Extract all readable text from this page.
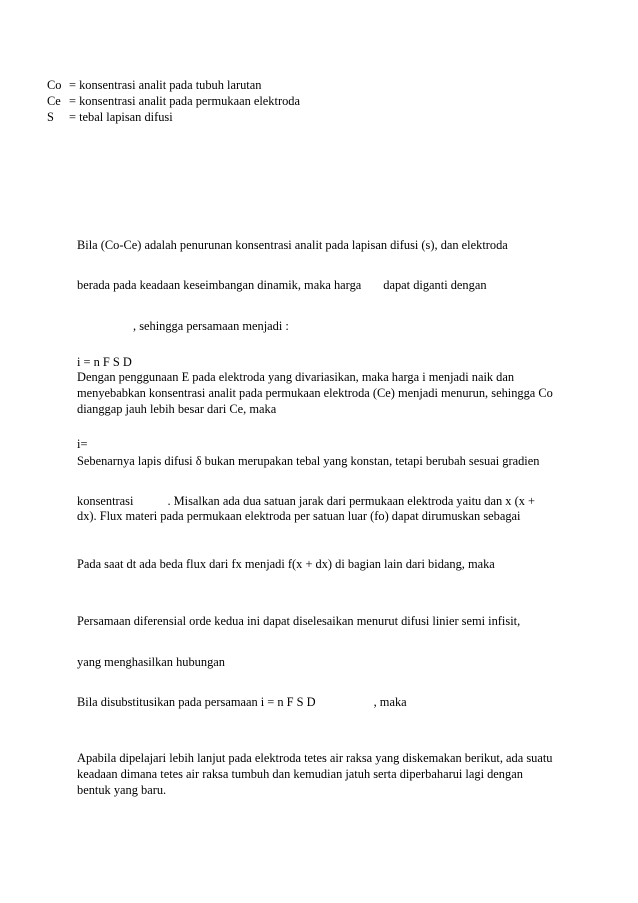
Co = konsentrasi analit pada tubuh larutan
Ce = konsentrasi analit pada permukaan elektroda
S = tebal lapisan difusi
Bila (Co-Ce) adalah penurunan konsentrasi analit pada lapisan difusi (s), dan elektroda
berada pada keadaan keseimbangan dinamik, maka harga dapat diganti dengan
, sehingga persamaan menjadi :
i = n F S D
Dengan penggunaan E pada elektroda yang divariasikan, maka harga i menjadi naik dan menyebabkan konsentrasi analit pada permukaan elektroda (Ce) menjadi menurun, sehingga Co dianggap jauh lebih besar dari Ce, maka
i=
Sebenarnya lapis difusi δ bukan merupakan tebal yang konstan, tetapi berubah sesuai gradien
konsentrasi	. Misalkan ada dua satuan jarak dari permukaan elektroda yaitu dan x (x +
dx). Flux materi pada permukaan elektroda per satuan luar (fo) dapat dirumuskan sebagai
Pada saat dt ada beda flux dari fx menjadi f(x + dx) di bagian lain dari bidang, maka
Persamaan diferensial orde kedua ini dapat diselesaikan menurut difusi linier semi infisit,
yang menghasilkan hubungan
Bila disubstitusikan pada persamaan i = n F S D	, maka
Apabila dipelajari lebih lanjut pada elektroda tetes air raksa yang diskemakan berikut, ada suatu keadaan dimana tetes air raksa tumbuh dan kemudian jatuh serta diperbaharui lagi dengan bentuk yang baru.
